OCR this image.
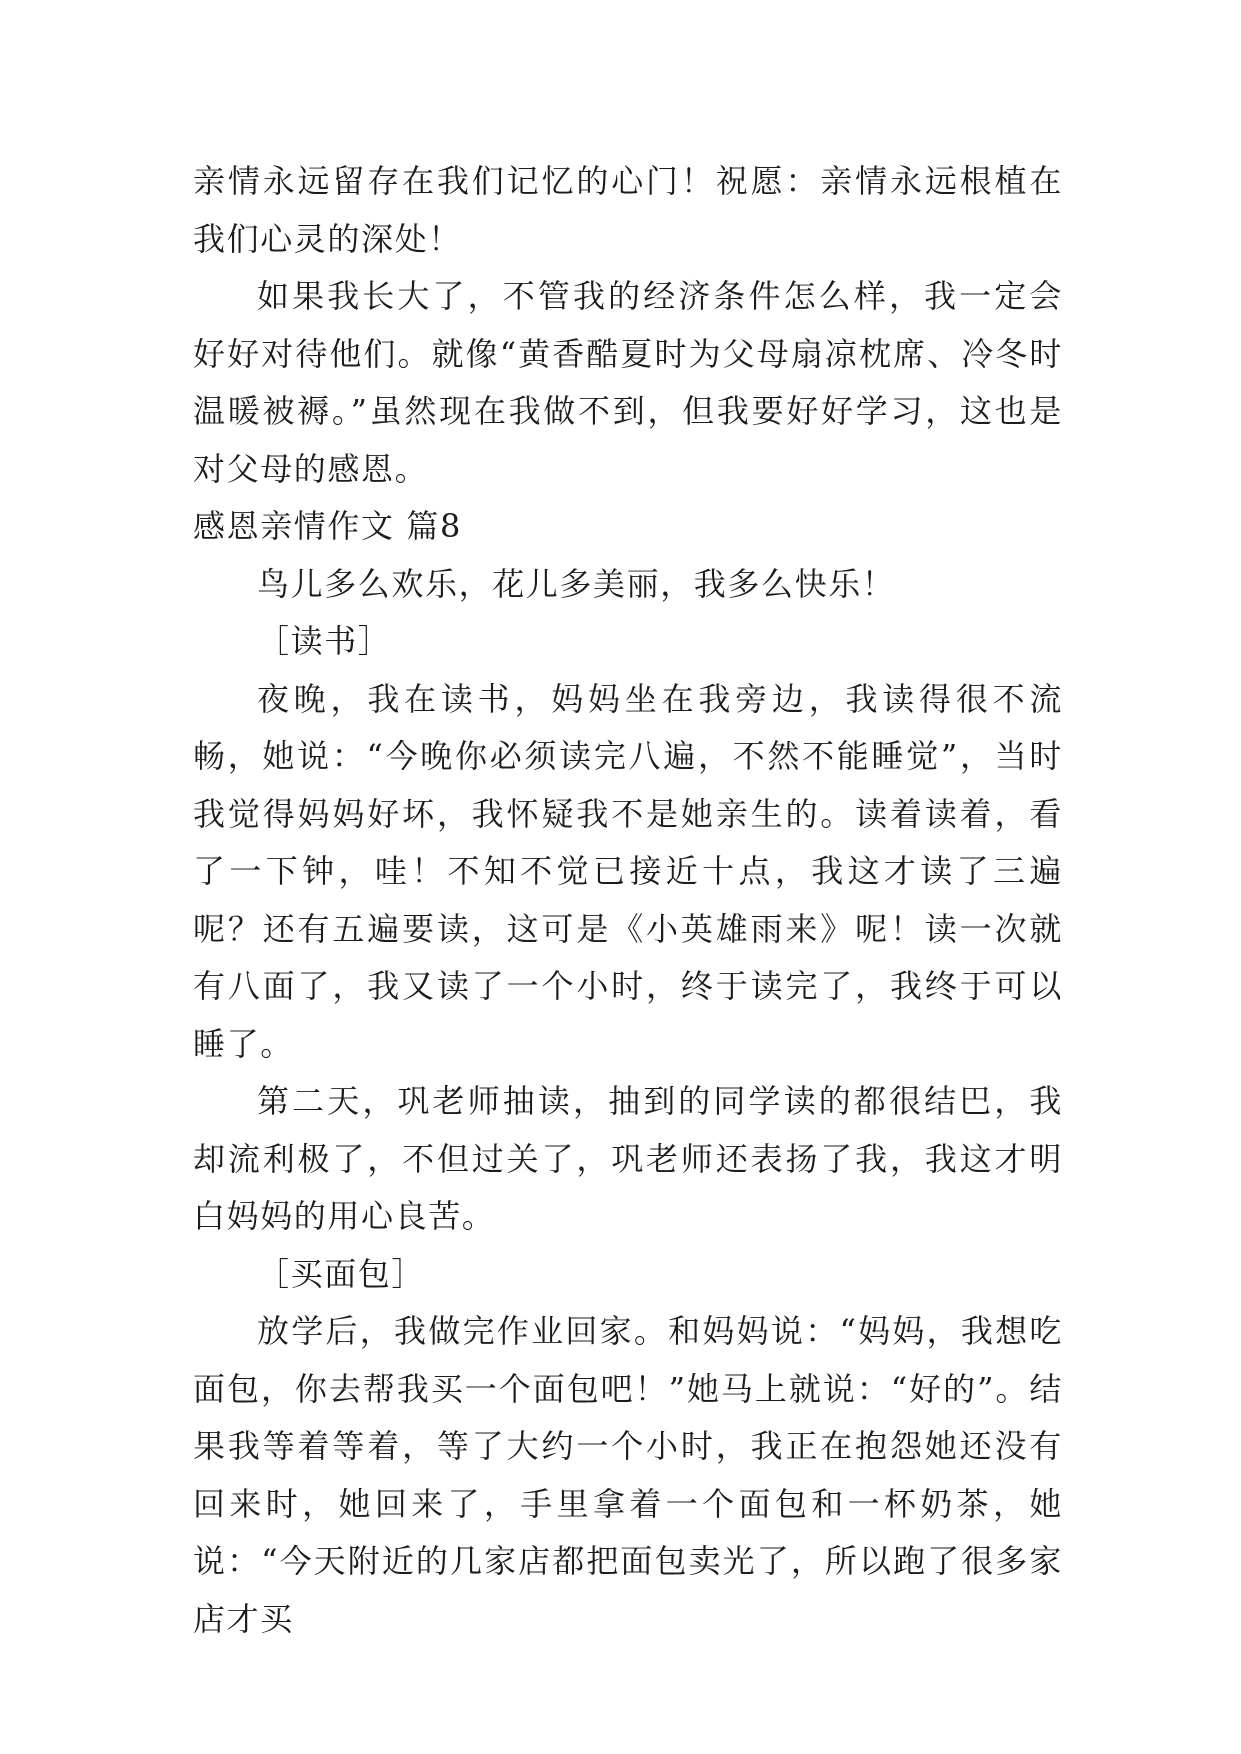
亲情永远留存在我们记忆的心门！祝愿：亲情永远根植在我们心灵的深处！

如果我长大了，不管我的经济条件怎么样，我一定会好好对待他们。就像“黄香酷夏时为父母扇凉枕席、冷冬时温暖被褥。”虽然现在我做不到，但我要好好学习，这也是对父母的感恩。

感恩亲情作文 篇8

鸟儿多么欢乐，花儿多美丽，我多么快乐！

［读书］

夜晚，我在读书，妈妈坐在我旁边，我读得很不流畅，她说：“今晚你必须读完八遍，不然不能睡觉”，当时我觉得妈妈好坏，我怀疑我不是她亲生的。读着读着，看了一下钟，哇！不知不觉已接近十点，我这才读了三遍呢？还有五遍要读，这可是《小英雄雨来》呢！读一次就有八面了，我又读了一个小时，终于读完了，我终于可以睡了。

第二天，巩老师抽读，抽到的同学读的都很结巴，我却流利极了，不但过关了，巩老师还表扬了我，我这才明白妈妈的用心良苦。

［买面包］

放学后，我做完作业回家。和妈妈说：“妈妈，我想吃面包，你去帮我买一个面包吧！”她马上就说：“好的”。结果我等着等着，等了大约一个小时，我正在抱怨她还没有回来时，她回来了，手里拿着一个面包和一杯奶茶，她说：“今天附近的几家店都把面包卖光了，所以跑了很多家店才买
